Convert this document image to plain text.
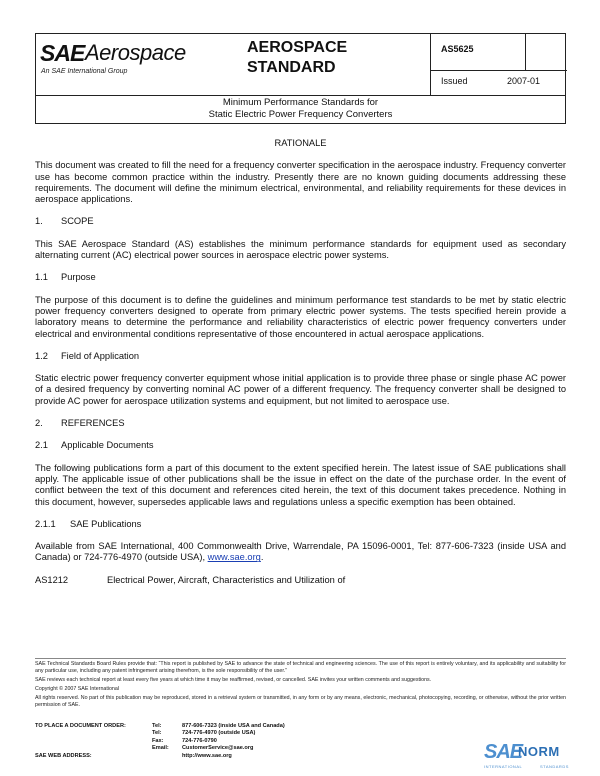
SAE Aerospace
An SAE International Group
AEROSPACE
STANDARD
AS5625
Issued	2007-01
Minimum Performance Standards for
Static Electric Power Frequency Converters
RATIONALE

This document was created to fill the need for a frequency converter specification in the aerospace industry. Frequency converter use has become common practice within the industry. Presently there are no known guiding documents addressing these requirements. The document will define the minimum electrical, environmental, and reliability requirements for these devices in aerospace applications.

1. SCOPE

This SAE Aerospace Standard (AS) establishes the minimum performance standards for equipment used as secondary alternating current (AC) electrical power sources in aerospace electric power systems.

1.1 Purpose

The purpose of this document is to define the guidelines and minimum performance test standards to be met by static electric power frequency converters designed to operate from primary electric power systems. The tests specified herein provide a laboratory means to determine the performance and reliability characteristics of electric power frequency converters under electrical and environmental conditions representative of those encountered in actual aerospace applications.

1.2 Field of Application

Static electric power frequency converter equipment whose initial application is to provide three phase or single phase AC power of a desired frequency by converting nominal AC power of a different frequency. The frequency converter shall be designed to provide AC power for aerospace utilization systems and equipment, but not limited to aerospace use.

2. REFERENCES
2.1 Applicable Documents

The following publications form a part of this document to the extent specified herein. The latest issue of SAE publications shall apply. The applicable issue of other publications shall be the issue in effect on the date of the purchase order. In the event of conflict between the text of this document and references cited herein, the text of this document takes precedence. Nothing in this document, however, supersedes applicable laws and regulations unless a specific exemption has been obtained.

2.1.1 SAE Publications

Available from SAE International, 400 Commonwealth Drive, Warrendale, PA 15096-0001, Tel: 877-606-7323 (inside USA and Canada) or 724-776-4970 (outside USA), www.sae.org.

AS1212	Electrical Power, Aircraft, Characteristics and Utilization of

SAE Technical Standards Board Rules provide that: “This report is published by SAE to advance the state of technical and engineering sciences. The use of this report is entirely voluntary, and its applicability and suitability for any particular use, including any patent infringement arising therefrom, is the sole responsibility of the user.”

SAE reviews each technical report at least every five years at which time it may be reaffirmed, revised, or cancelled. SAE invites your written comments and suggestions.

Copyright © 2007 SAE International

All rights reserved. No part of this publication may be reproduced, stored in a retrieval system or transmitted, in any form or by any means, electronic, mechanical, photocopying, recording, or otherwise, without the prior written permission of SAE.

TO PLACE A DOCUMENT ORDER:	Tel:	877-606-7323 (inside USA and Canada)
	Tel:	724-776-4970 (outside USA)
	Fax:	724-776-0790
	Email:	CustomerService@sae.org
SAE WEB ADDRESS:		http://www.sae.org	SAE
NORM
INTERNATIONAL	STANDARDS
